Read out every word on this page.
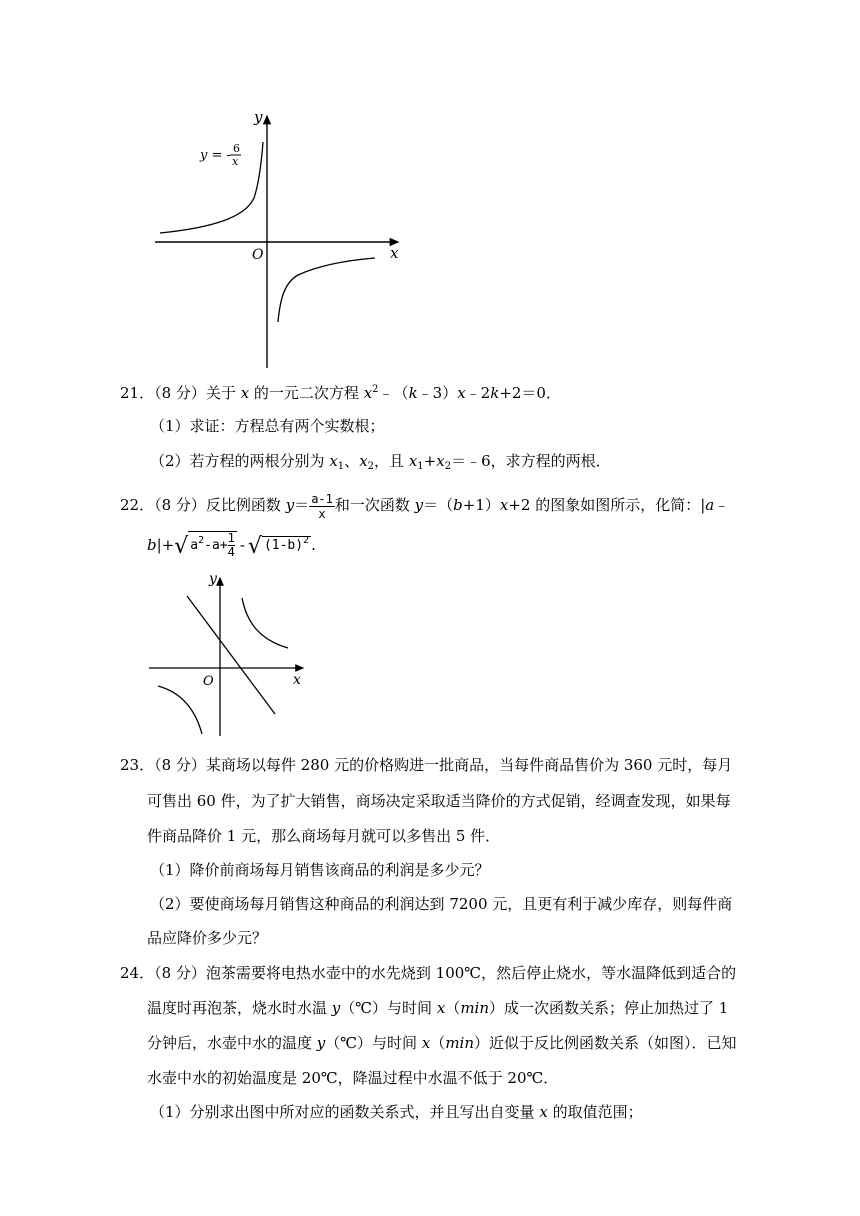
y
x
O
y = - 6
x
21．（8 分）关于 x 的一元二次方程 $x^2﹣(k﹣3)x﹣2k+2=0$．
（1）求证：方程总有两个实数根；
（2）若方程的两根分别为 $x_1$、$x_2$，且 $x_1+x_2=﹣6$，求方程的两根．
22．（8 分）反比例函数 $y= \frac{a-1}{x}$ 和一次函数 y＝（b+1）x+2 的图象如图所示，化简：|a﹣
b|+√ $a^2-a+ \frac{1}{4}$ - √ $(1-b)^2$ .
y
x
O
23．（8 分）某商场以每件 280 元的价格购进一批商品，当每件商品售价为 360 元时，每月
可售出 60 件，为了扩大销售，商场决定采取适当降价的方式促销，经调查发现，如果每
件商品降价 1 元，那么商场每月就可以多售出 5 件．
（1）降价前商场每月销售该商品的利润是多少元？
（2）要使商场每月销售这种商品的利润达到 7200 元，且更有利于减少库存，则每件商
品应降价多少元？
24．（8 分）泡茶需要将电热水壶中的水先烧到 100℃，然后停止烧水，等水温降低到适合的
温度时再泡茶，烧水时水温 y（℃）与时间 x（min）成一次函数关系；停止加热过了 1
分钟后，水壶中水的温度 y（℃）与时间 x（min）近似于反比例函数关系（如图）．已知
水壶中水的初始温度是 20℃，降温过程中水温不低于 20℃．
（1）分别求出图中所对应的函数关系式，并且写出自变量 x 的取值范围；
